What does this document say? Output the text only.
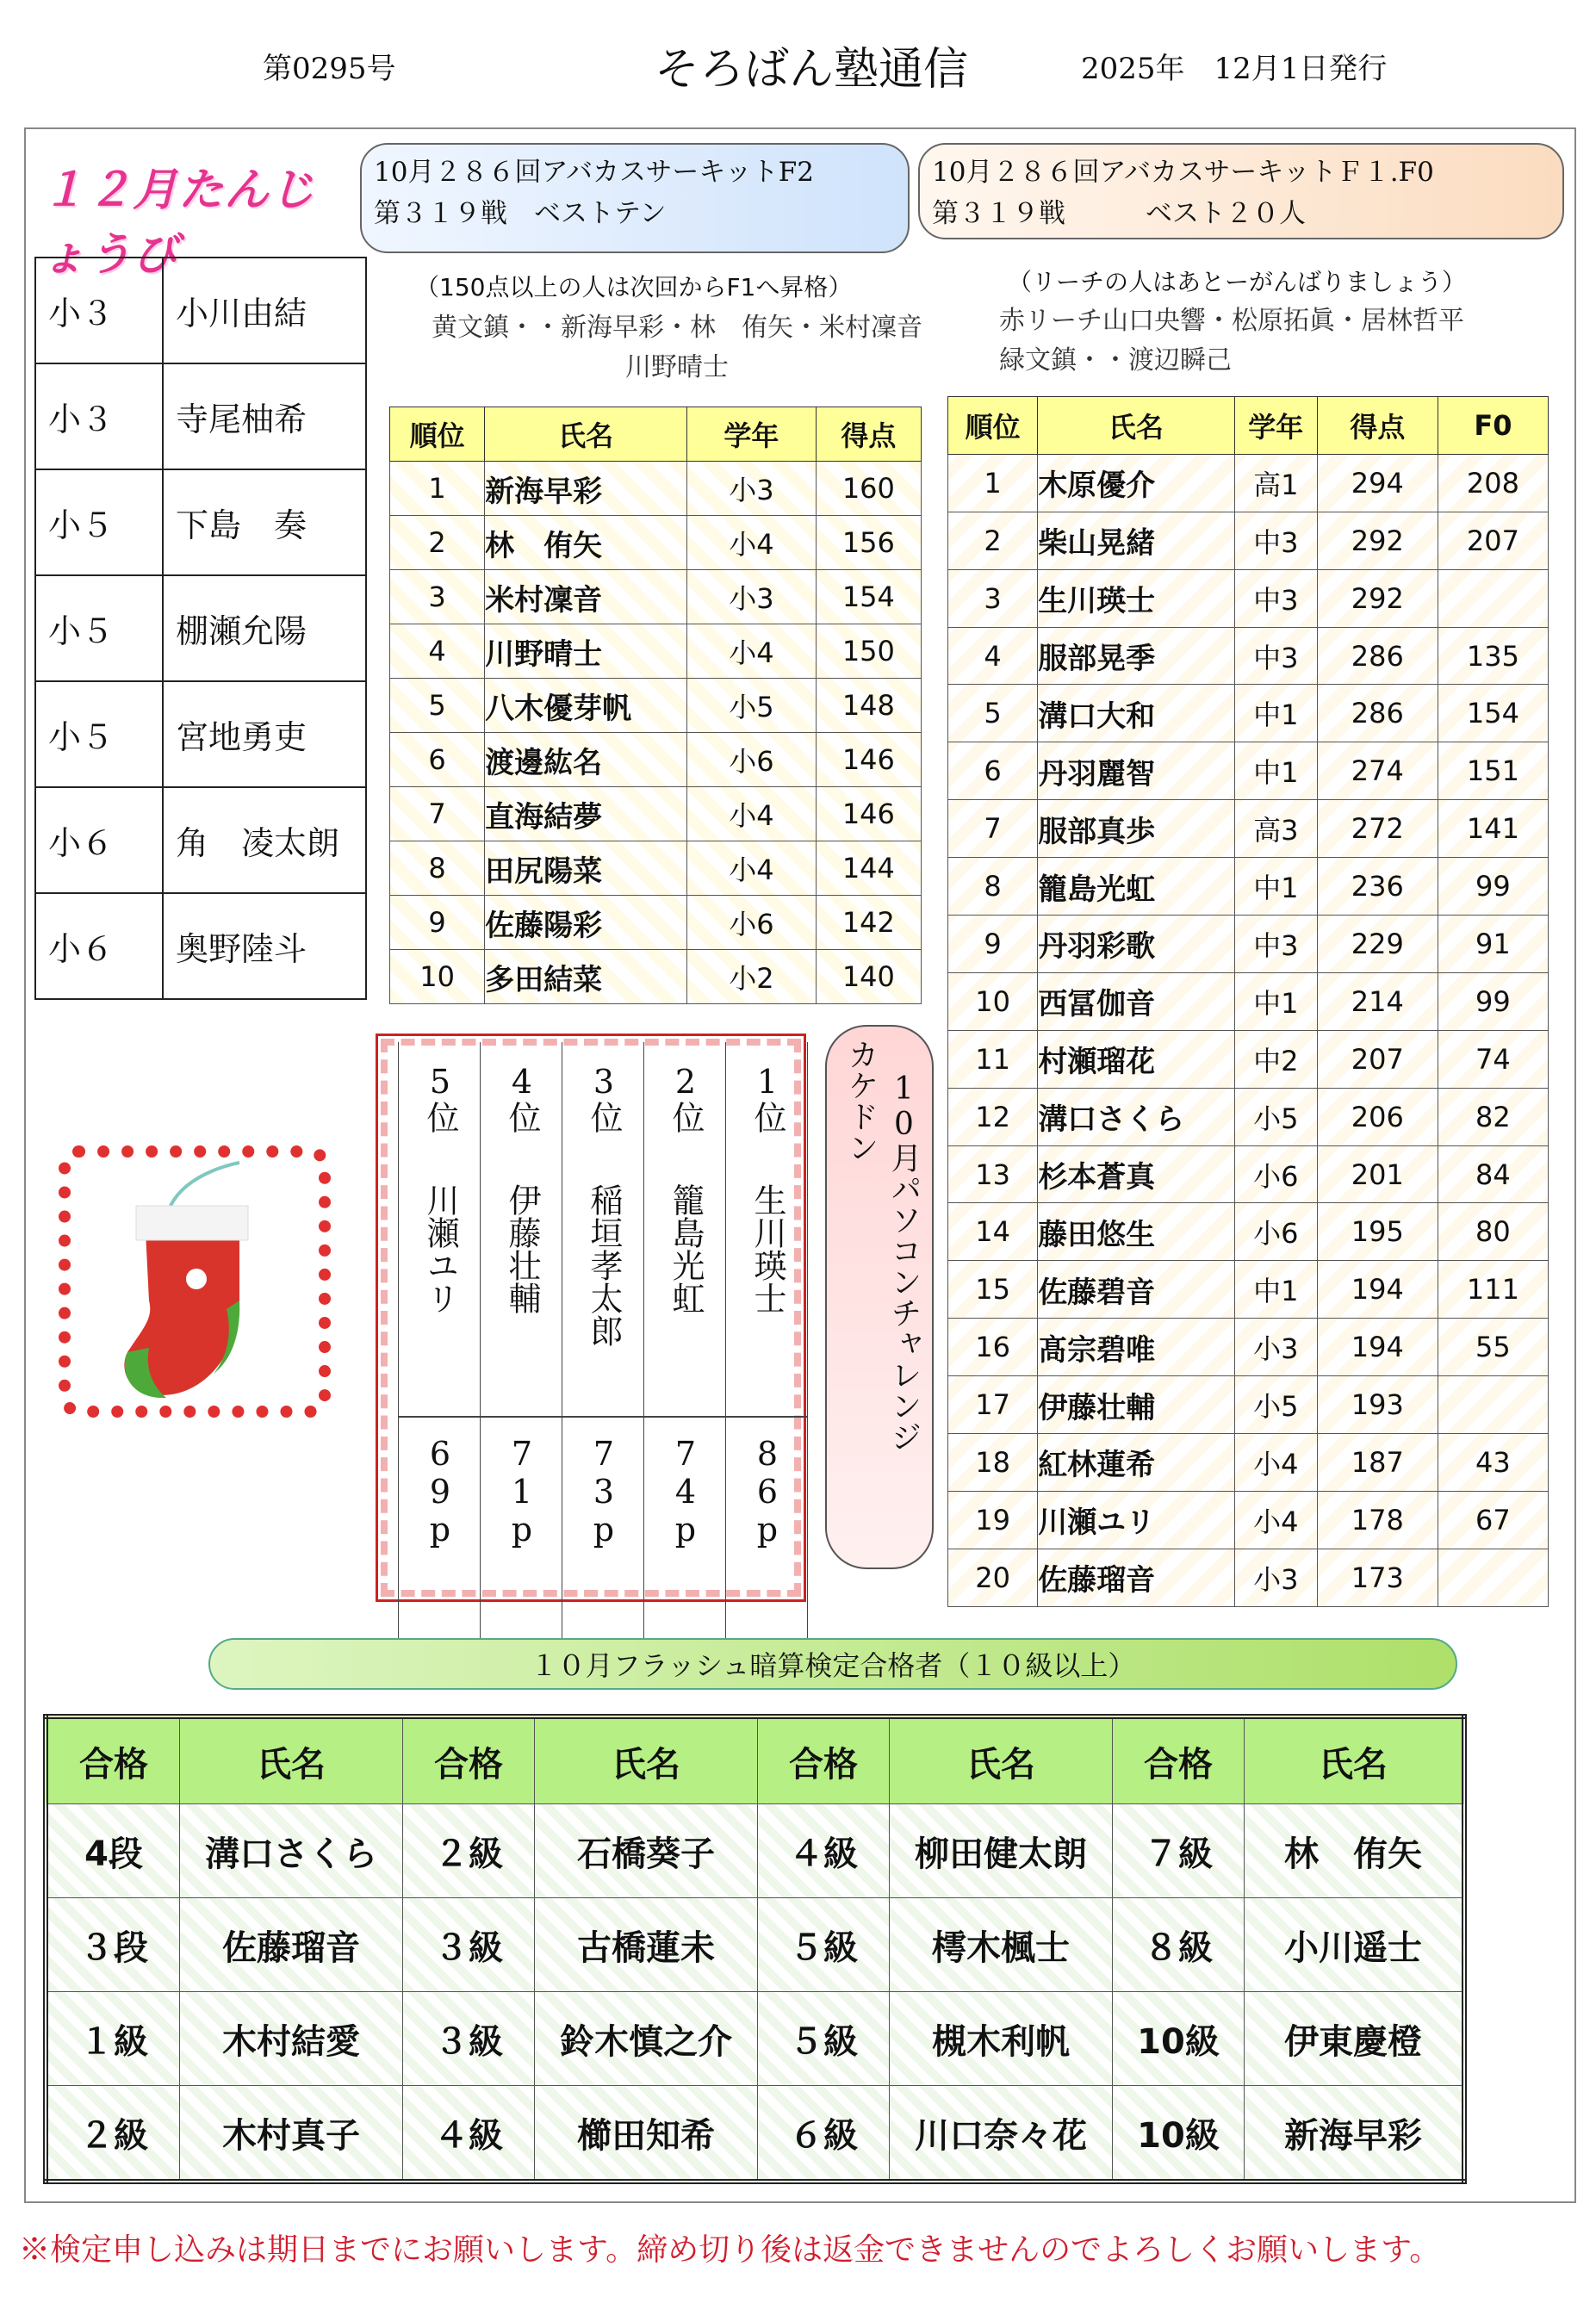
第0295号	そろばん塾通信	2025年　12月1日発行
１２月たんじょうび
小３	小川由結
小３	寺尾柚希
小５	下島　奏
小５	棚瀬允陽
小５	宮地勇吏
小６	角　凌太朗
小６	奥野陸斗
10月２８６回アバカスサーキットF2
第３１９戦　ベストテン
10月２８６回アバカスサーキットＦ１.F0
第３１９戦　　　ベスト２０人
（150点以上の人は次回からF1へ昇格）
黄文鎮・・新海早彩・林　侑矢・米村凜音
川野晴士
（リーチの人はあとーがんばりましょう）
赤リーチ山口央響・松原拓眞・居林哲平
緑文鎮・・渡辺瞬己
順位	氏名	学年	得点
1	新海早彩	小3	160
2	林　侑矢	小4	156
3	米村凜音	小3	154
4	川野晴士	小4	150
5	八木優芽帆	小5	148
6	渡邊紘名	小6	146
7	直海結夢	小4	146
8	田尻陽菜	小4	144
9	佐藤陽彩	小6	142
10	多田結菜	小2	140
順位	氏名	学年	得点	F0
1	木原優介	高1	294	208
2	柴山晃緒	中3	292	207
3	生川瑛士	中3	292	
4	服部晃季	中3	286	135
5	溝口大和	中1	286	154
6	丹羽麗智	中1	274	151
7	服部真歩	高3	272	141
8	籠島光虹	中1	236	99
9	丹羽彩歌	中3	229	91
10	西冨伽音	中1	214	99
11	村瀬瑠花	中2	207	74
12	溝口さくら	小5	206	82
13	杉本蒼真	小6	201	84
14	藤田悠生	小6	195	80
15	佐藤碧音	中1	194	111
16	髙宗碧唯	小3	194	55
17	伊藤壮輔	小5	193	
18	紅林蓮希	小4	187	43
19	川瀬ユリ	小4	178	67
20	佐藤瑠音	小3	173	
5位	4位	3位	2位	1位
川瀬ユリ	伊藤壮輔	稲垣孝太郎	籠島光虹	生川瑛士
69p	71p	73p	74p	86p
10月パソコンチャレンジ
カケドン
１０月フラッシュ暗算検定合格者（１０級以上）
合格	氏名	合格	氏名	合格	氏名	合格	氏名
4段	溝口さくら	２級	石橋葵子	４級	柳田健太朗	７級	林　侑矢
３段	佐藤瑠音	３級	古橋蓮未	５級	樗木楓士	８級	小川遥士
１級	木村結愛	３級	鈴木慎之介	５級	槻木利帆	10級	伊東慶橙
２級	木村真子	４級	櫛田知希	６級	川口奈々花	10級	新海早彩
※検定申し込みは期日までにお願いします。締め切り後は返金できませんのでよろしくお願いします。
